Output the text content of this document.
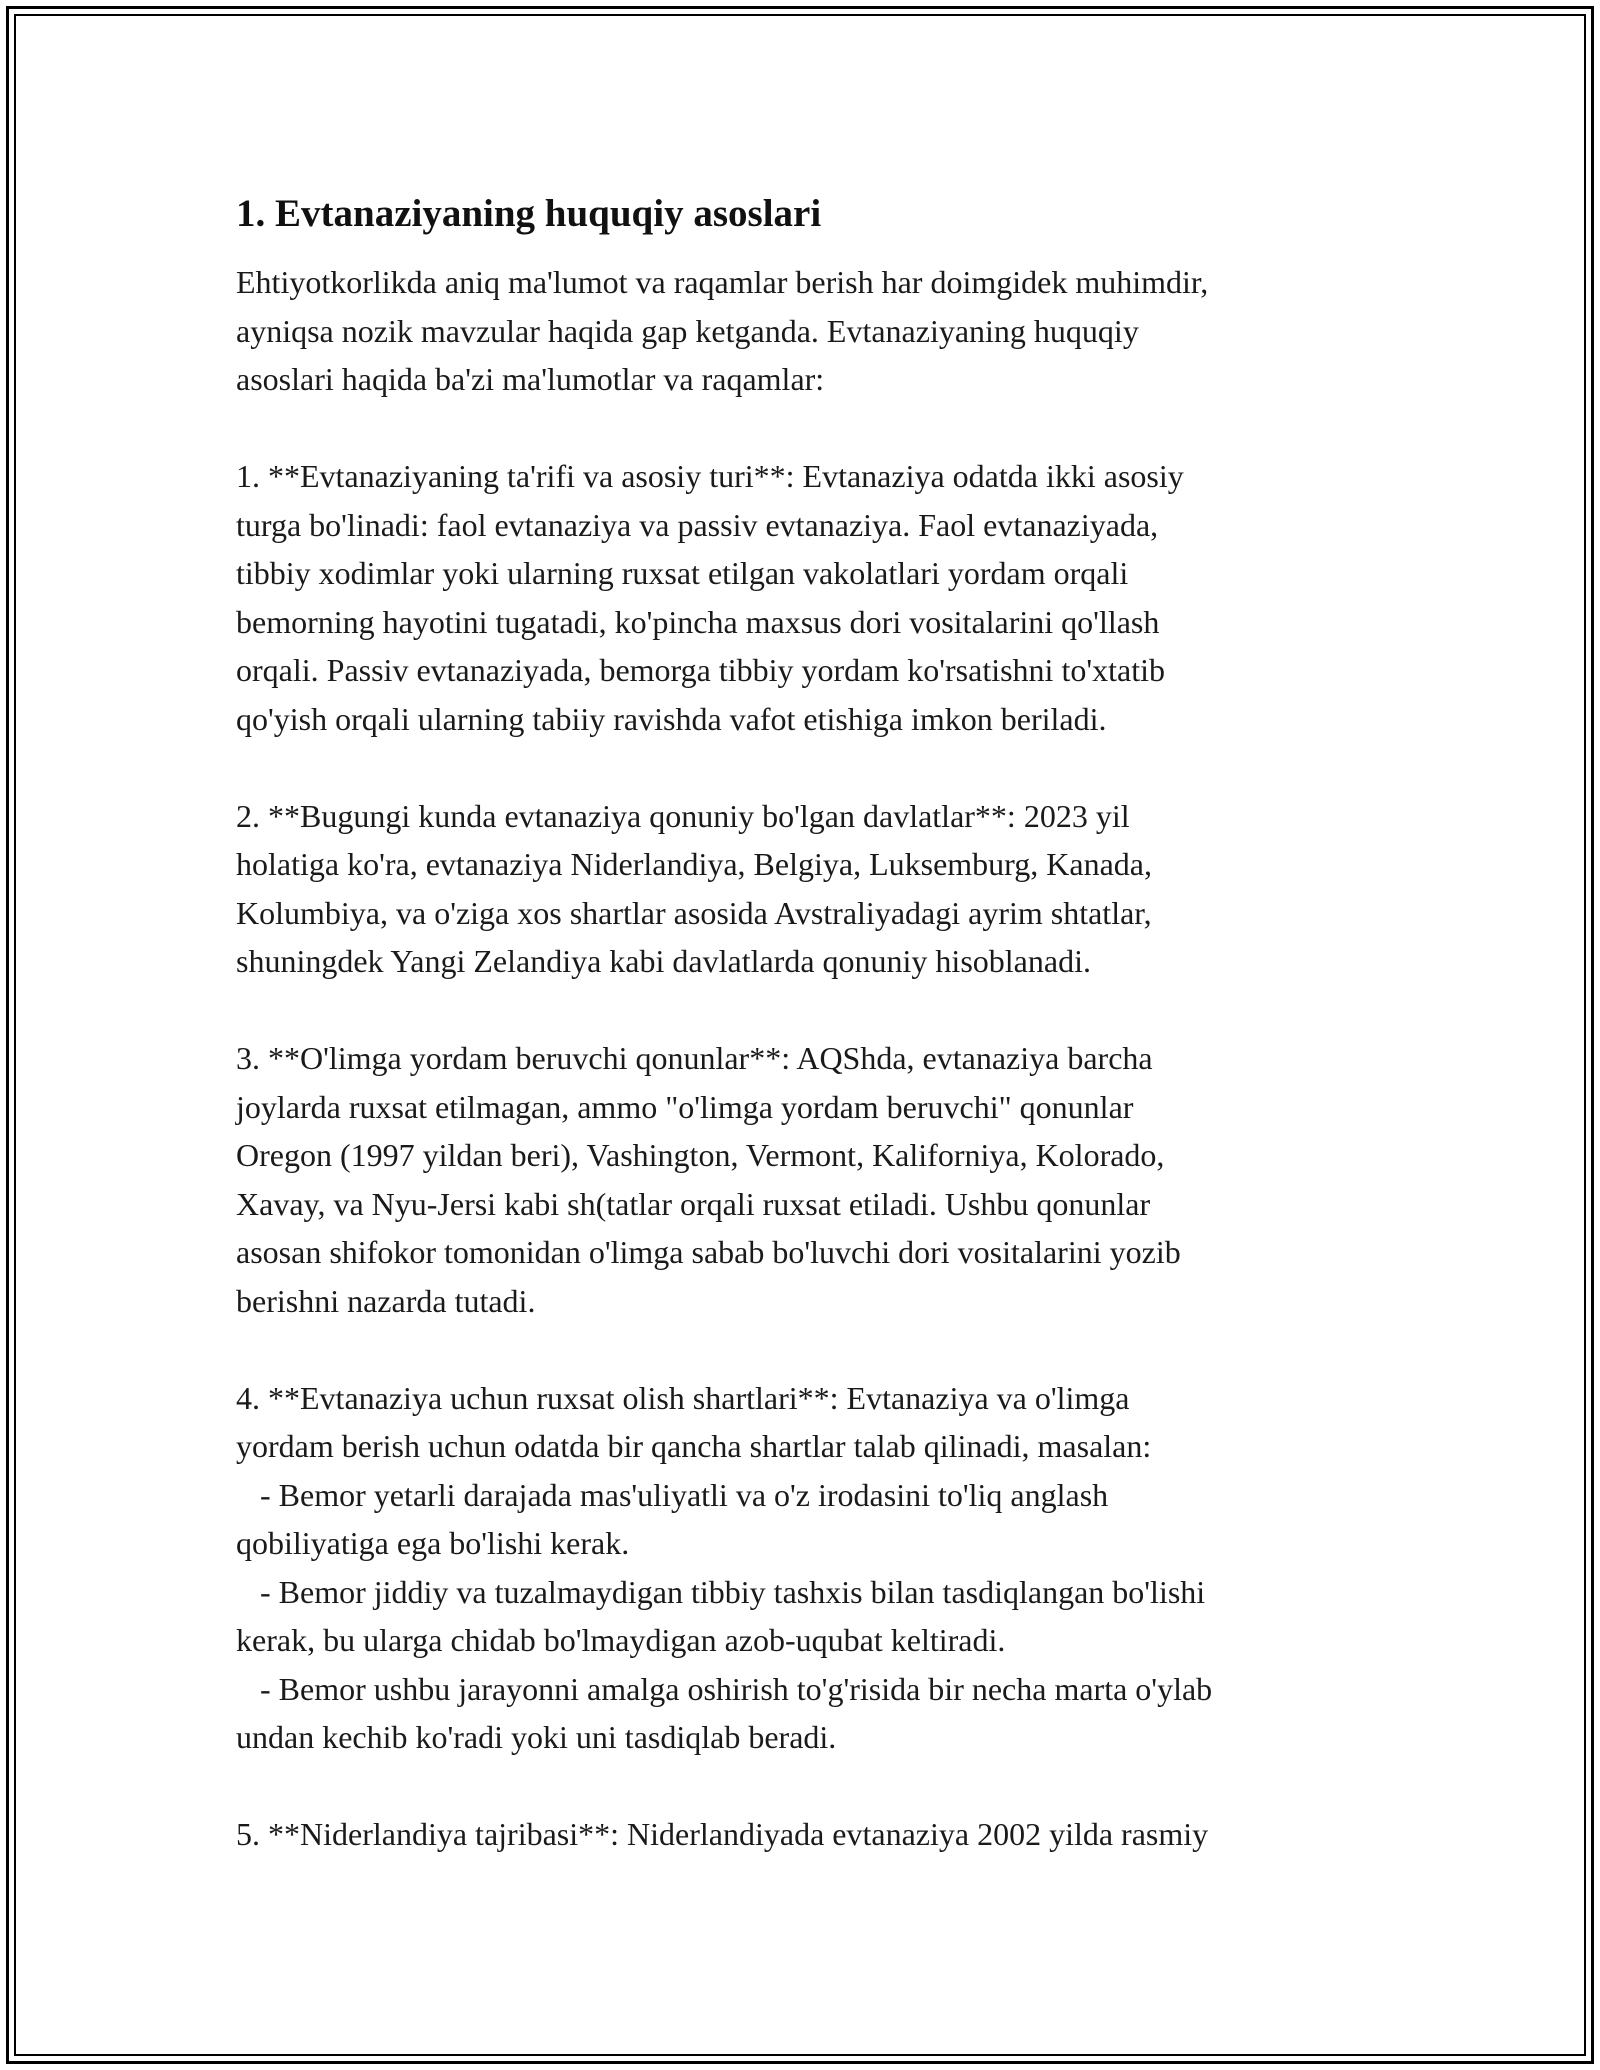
1. Evtanaziyaning huquqiy asoslari

Ehtiyotkorlikda aniq ma'lumot va raqamlar berish har doimgidek muhimdir,
ayniqsa nozik mavzular haqida gap ketganda. Evtanaziyaning huquqiy
asoslari haqida ba'zi ma'lumotlar va raqamlar:

1. **Evtanaziyaning ta'rifi va asosiy turi**: Evtanaziya odatda ikki asosiy
turga bo'linadi: faol evtanaziya va passiv evtanaziya. Faol evtanaziyada,
tibbiy xodimlar yoki ularning ruxsat etilgan vakolatlari yordam orqali
bemorning hayotini tugatadi, ko'pincha maxsus dori vositalarini qo'llash
orqali. Passiv evtanaziyada, bemorga tibbiy yordam ko'rsatishni to'xtatib
qo'yish orqali ularning tabiiy ravishda vafot etishiga imkon beriladi.

2. **Bugungi kunda evtanaziya qonuniy bo'lgan davlatlar**: 2023 yil
holatiga ko'ra, evtanaziya Niderlandiya, Belgiya, Luksemburg, Kanada,
Kolumbiya, va o'ziga xos shartlar asosida Avstraliyadagi ayrim shtatlar,
shuningdek Yangi Zelandiya kabi davlatlarda qonuniy hisoblanadi.

3. **O'limga yordam beruvchi qonunlar**: AQShda, evtanaziya barcha
joylarda ruxsat etilmagan, ammo "o'limga yordam beruvchi" qonunlar
Oregon (1997 yildan beri), Vashington, Vermont, Kaliforniya, Kolorado,
Xavay, va Nyu-Jersi kabi sh(tatlar orqali ruxsat etiladi. Ushbu qonunlar
asosan shifokor tomonidan o'limga sabab bo'luvchi dori vositalarini yozib
berishni nazarda tutadi.

4. **Evtanaziya uchun ruxsat olish shartlari**: Evtanaziya va o'limga
yordam berish uchun odatda bir qancha shartlar talab qilinadi, masalan:
- Bemor yetarli darajada mas'uliyatli va o'z irodasini to'liq anglash
qobiliyatiga ega bo'lishi kerak.
- Bemor jiddiy va tuzalmaydigan tibbiy tashxis bilan tasdiqlangan bo'lishi
kerak, bu ularga chidab bo'lmaydigan azob-uqubat keltiradi.
- Bemor ushbu jarayonni amalga oshirish to'g'risida bir necha marta o'ylab
undan kechib ko'radi yoki uni tasdiqlab beradi.

5. **Niderlandiya tajribasi**: Niderlandiyada evtanaziya 2002 yilda rasmiy
